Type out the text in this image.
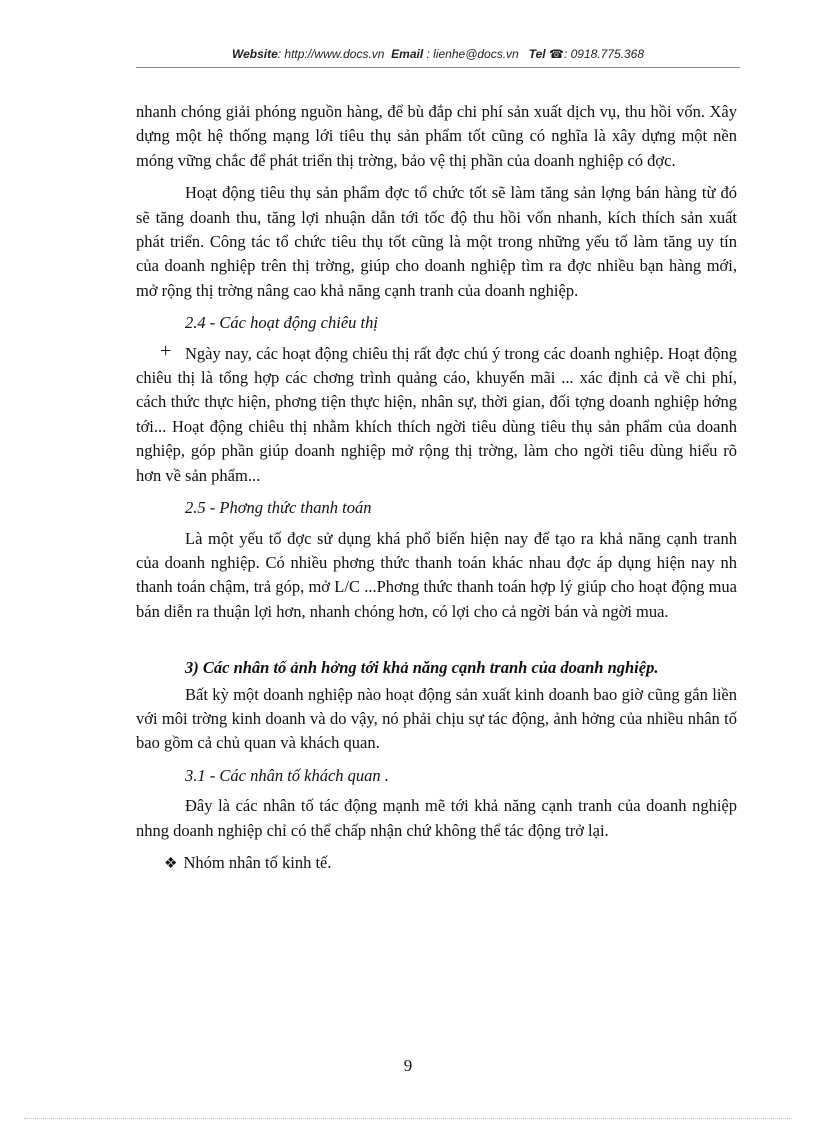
Website: http://www.docs.vn Email : lienhe@docs.vn Tel ☎: 0918.775.368

nhanh chóng giải phóng nguồn hàng, để bù đắp chi phí sản xuất dịch vụ, thu hồi vốn. Xây dựng một hệ thống mạng lới tiêu thụ sản phẩm tốt cũng có nghĩa là xây dựng một nền móng vững chắc để phát triển thị trờng, bảo vệ thị phần của doanh nghiệp có đợc.

Hoạt động tiêu thụ sản phẩm đợc tổ chức tốt sẽ làm tăng sản lợng bán hàng từ đó sẽ tăng doanh thu, tăng lợi nhuận dẫn tới tốc độ thu hồi vốn nhanh, kích thích sản xuất phát triển. Công tác tổ chức tiêu thụ tốt cũng là một trong những yếu tố làm tăng uy tín của doanh nghiệp trên thị trờng, giúp cho doanh nghiệp tìm ra đợc nhiều bạn hàng mới, mở rộng thị trờng nâng cao khả năng cạnh tranh của doanh nghiệp.

2.4 - Các hoạt động chiêu thị

+ Ngày nay, các hoạt động chiêu thị rất đợc chú ý trong các doanh nghiệp. Hoạt động chiêu thị là tổng hợp các chơng trình quảng cáo, khuyến mãi ... xác định cả về chi phí, cách thức thực hiện, phơng tiện thực hiện, nhân sự, thời gian, đối tợng doanh nghiệp hớng tới... Hoạt động chiêu thị nhằm khích thích ngời tiêu dùng tiêu thụ sản phẩm của doanh nghiệp, góp phần giúp doanh nghiệp mở rộng thị trờng, làm cho ngời tiêu dùng hiểu rõ hơn về sản phẩm...

2.5 - Phơng thức thanh toán

Là một yếu tố đợc sử dụng khá phổ biến hiện nay để tạo ra khả năng cạnh tranh của doanh nghiệp. Có nhiều phơng thức thanh toán khác nhau đợc áp dụng hiện nay nh thanh toán chậm, trả góp, mở L/C ...Phơng thức thanh toán hợp lý giúp cho hoạt động mua bán diễn ra thuận lợi hơn, nhanh chóng hơn, có lợi cho cả ngời bán và ngời mua.

3) Các nhân tố ảnh hởng tới khả năng cạnh tranh của doanh nghiệp.

Bất kỳ một doanh nghiệp nào hoạt động sản xuất kinh doanh bao giờ cũng gắn liền với môi trờng kinh doanh và do vậy, nó phải chịu sự tác động, ảnh hởng của nhiều nhân tố bao gồm cả chủ quan và khách quan.

3.1 - Các nhân tố khách quan .

Đây là các nhân tố tác động mạnh mẽ tới khả năng cạnh tranh của doanh nghiệp nhng doanh nghiệp chỉ có thể chấp nhận chứ không thể tác động trở lại.

❖ Nhóm nhân tố kinh tế.

9
